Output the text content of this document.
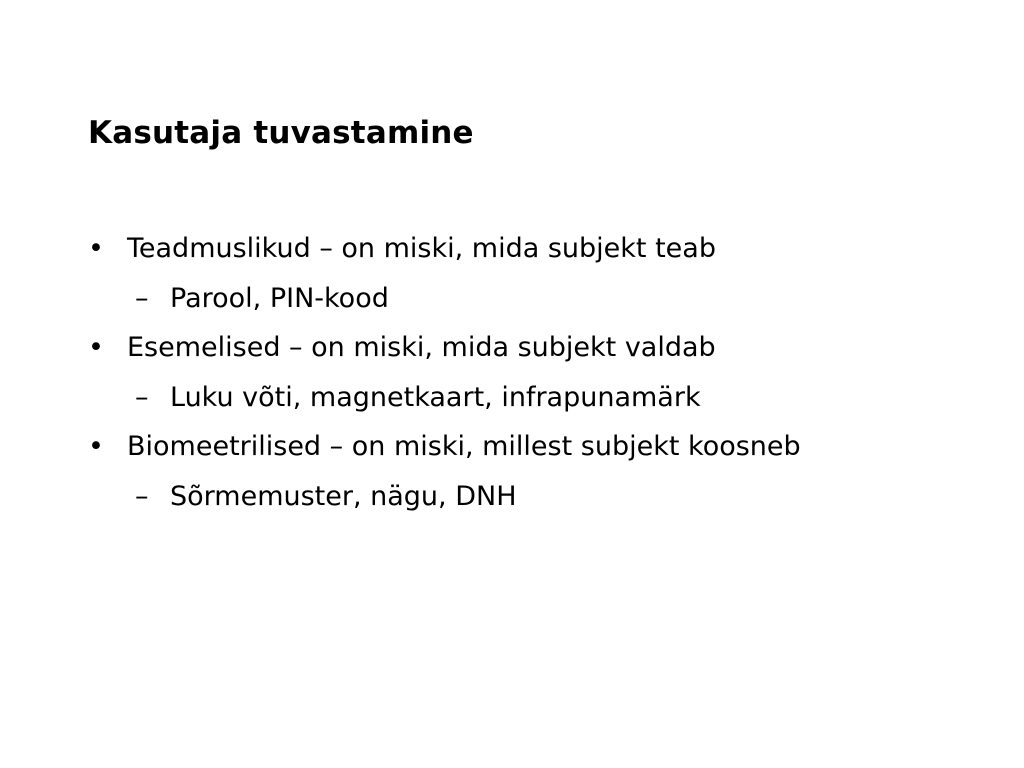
Kasutaja tuvastamine
• Teadmuslikud – on miski, mida subjekt teab
– Parool, PIN-kood
• Esemelised – on miski, mida subjekt valdab
– Luku võti, magnetkaart, infrapunamärk
• Biomeetrilised – on miski, millest subjekt koosneb
– Sõrmemuster, nägu, DNH
